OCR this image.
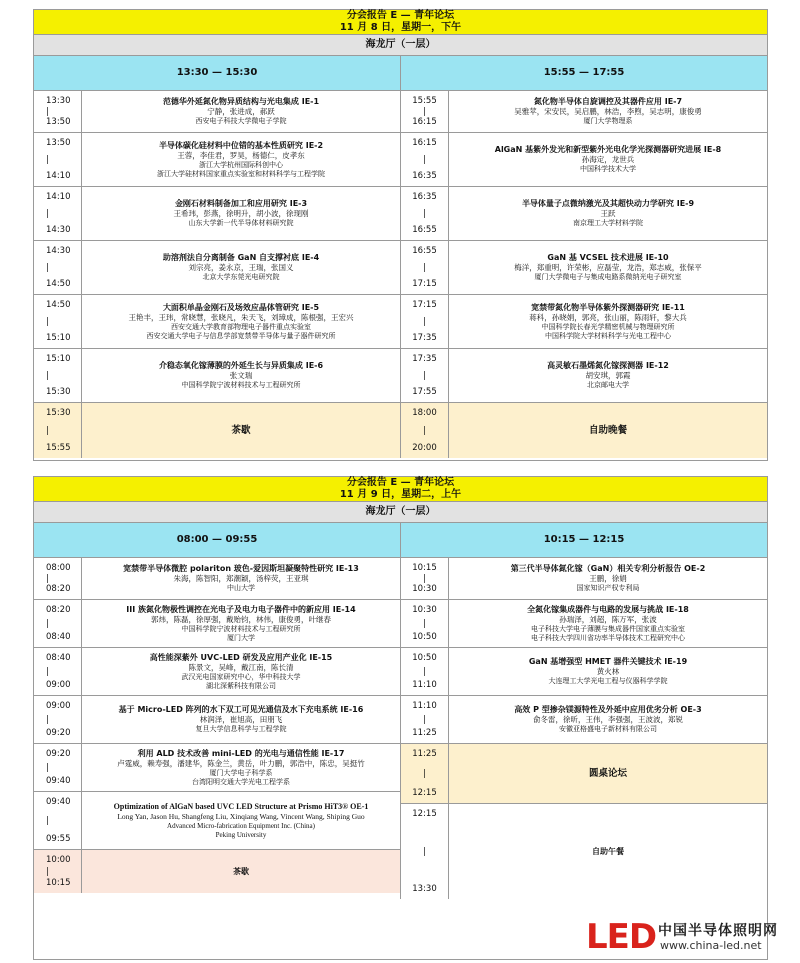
分会报告 E — 青年论坛
11 月 8 日，星期一，下午
海龙厅（一层）
13:30 — 15:30	15:55 — 17:55
13:30
|
13:50
范德华外延氮化物异质结构与光电集成 IE-1
宁静，张进成，郝跃
西安电子科技大学微电子学院
13:50
|
14:10
半导体碳化硅材料中位错的基本性质研究 IE-2
王蓉，李佳君，罗昊，杨德仁，皮孝东
浙江大学杭州国际科创中心
浙江大学硅材料国家重点实验室和材料科学与工程学院
14:10
|
14:30
金刚石材料制备加工和应用研究 IE-3
王希玮，彭燕，徐明升，胡小波，徐现刚
山东大学新一代半导体材料研究院
14:30
|
14:50
助溶剂法自分离制备 GaN 自支撑衬底 IE-4
刘宗亮，姜永京，王瑞，张国义
北京大学东莞光电研究院
14:50
|
15:10
大面积单晶金刚石及场效应晶体管研究 IE-5
王艳丰，王玮，常晓慧，张晓凡，朱天飞，刘璋成，陈根强，王宏兴
西安交通大学教育部物理电子器件重点实验室
西安交通大学电子与信息学部宽禁带半导体与量子器件研究所
15:10
|
15:30
介稳态氧化镓薄膜的外延生长与异质集成 IE-6
张文瑞
中国科学院宁波材料技术与工程研究所
15:30
|
15:55
茶歇
15:55
|
16:15
氮化物半导体自旋调控及其器件应用 IE-7
吴雅苹，宋安民，吴启鹏，林浩，李煦，吴志明，康俊勇
厦门大学物理系
16:15
|
16:35
AlGaN 基紫外发光和新型紫外光电化学光探测器研究进展 IE-8
孙海定，龙世兵
中国科学技术大学
16:35
|
16:55
半导体量子点微纳激光及其超快动力学研究 IE-9
王跃
南京理工大学材料学院
16:55
|
17:15
GaN 基 VCSEL 技术进展 IE-10
梅洋，郑重明，许荣彬，应磊莹，龙浩，郑志威，张保平
厦门大学微电子与集成电路系微纳光电子研究室
17:15
|
17:35
宽禁带氮化物半导体紫外探测器研究 IE-11
蒋科，孙晓娟，郭亮，张山丽，陈雨轩，黎大兵
中国科学院长春光学精密机械与物理研究所
中国科学院大学材料科学与光电工程中心
17:35
|
17:55
高灵敏石墨烯氮化镓探测器 IE-12
胡安琪，郭霞
北京邮电大学
18:00
|
20:00
自助晚餐
分会报告 E — 青年论坛
11 月 9 日，星期二，上午
海龙厅（一层）
08:00 — 09:55	10:15 — 12:15
08:00
|
08:20
宽禁带半导体微腔 polariton 玻色-爱因斯坦凝聚特性研究 IE-13
朱海，陈智阳，郑潮颖，汤梓荧，王亚琪
中山大学
08:20
|
08:40
III 族氮化物极性调控在光电子及电力电子器件中的新应用 IE-14
郭炜，陈磊，徐厚强，戴贻钧，林伟，康俊勇，叶继春
中国科学院宁波材料技术与工程研究所
厦门大学
08:40
|
09:00
高性能深紫外 UVC-LED 研发及应用产业化 IE-15
陈景文，吴峰，戴江南，陈长清
武汉光电国家研究中心，华中科技大学
湖北深紫科技有限公司
09:00
|
09:20
基于 Micro-LED 阵列的水下双工可见光通信及水下充电系统 IE-16
林润泽，崔旭高，田朋飞
复旦大学信息科学与工程学院
09:20
|
09:40
利用 ALD 技术改善 mini-LED 的光电与通信性能 IE-17
卢霆威，赖寿强，潘建华，陈金兰，黄岳，叶力鹏，郭浩中，陈忠，吴挺竹
厦门大学电子科学系
台湾阳明交通大学光电工程学系
09:40
|
09:55
Optimization of AlGaN based UVC LED Structure at Prismo HiT3® OE-1
Long Yan, Jason Hu, Shangfeng Liu, Xinqiang Wang, Vincent Wang, Shiping Guo
Advanced Micro-fabrication Equipment Inc. (China)
Peking University
10:00
|
10:15
茶歇
10:15
|
10:30
第三代半导体氮化镓（GaN）相关专利分析报告 OE-2
王鹏，徐娟
国家知识产权专利局
10:30
|
10:50
全氮化镓集成器件与电路的发展与挑战 IE-18
孙瑞泽，刘超，陈万军，张波
电子科技大学电子薄膜与集成器件国家重点实验室
电子科技大学四川省功率半导体技术工程研究中心
10:50
|
11:10
GaN 基增强型 HMET 器件关键技术 IE-19
黄火林
大连理工大学光电工程与仪器科学学院
11:10
|
11:25
高效 P 型掺杂镁源特性及外延中应用优劣分析 OE-3
俞冬雷，徐昕，王伟，李强强，王波波，郑锐
安徽亚格盛电子新材料有限公司
11:25
|
12:15
圆桌论坛
12:15
|
13:30
自助午餐
LED 中国半导体照明网
www.china-led.net
